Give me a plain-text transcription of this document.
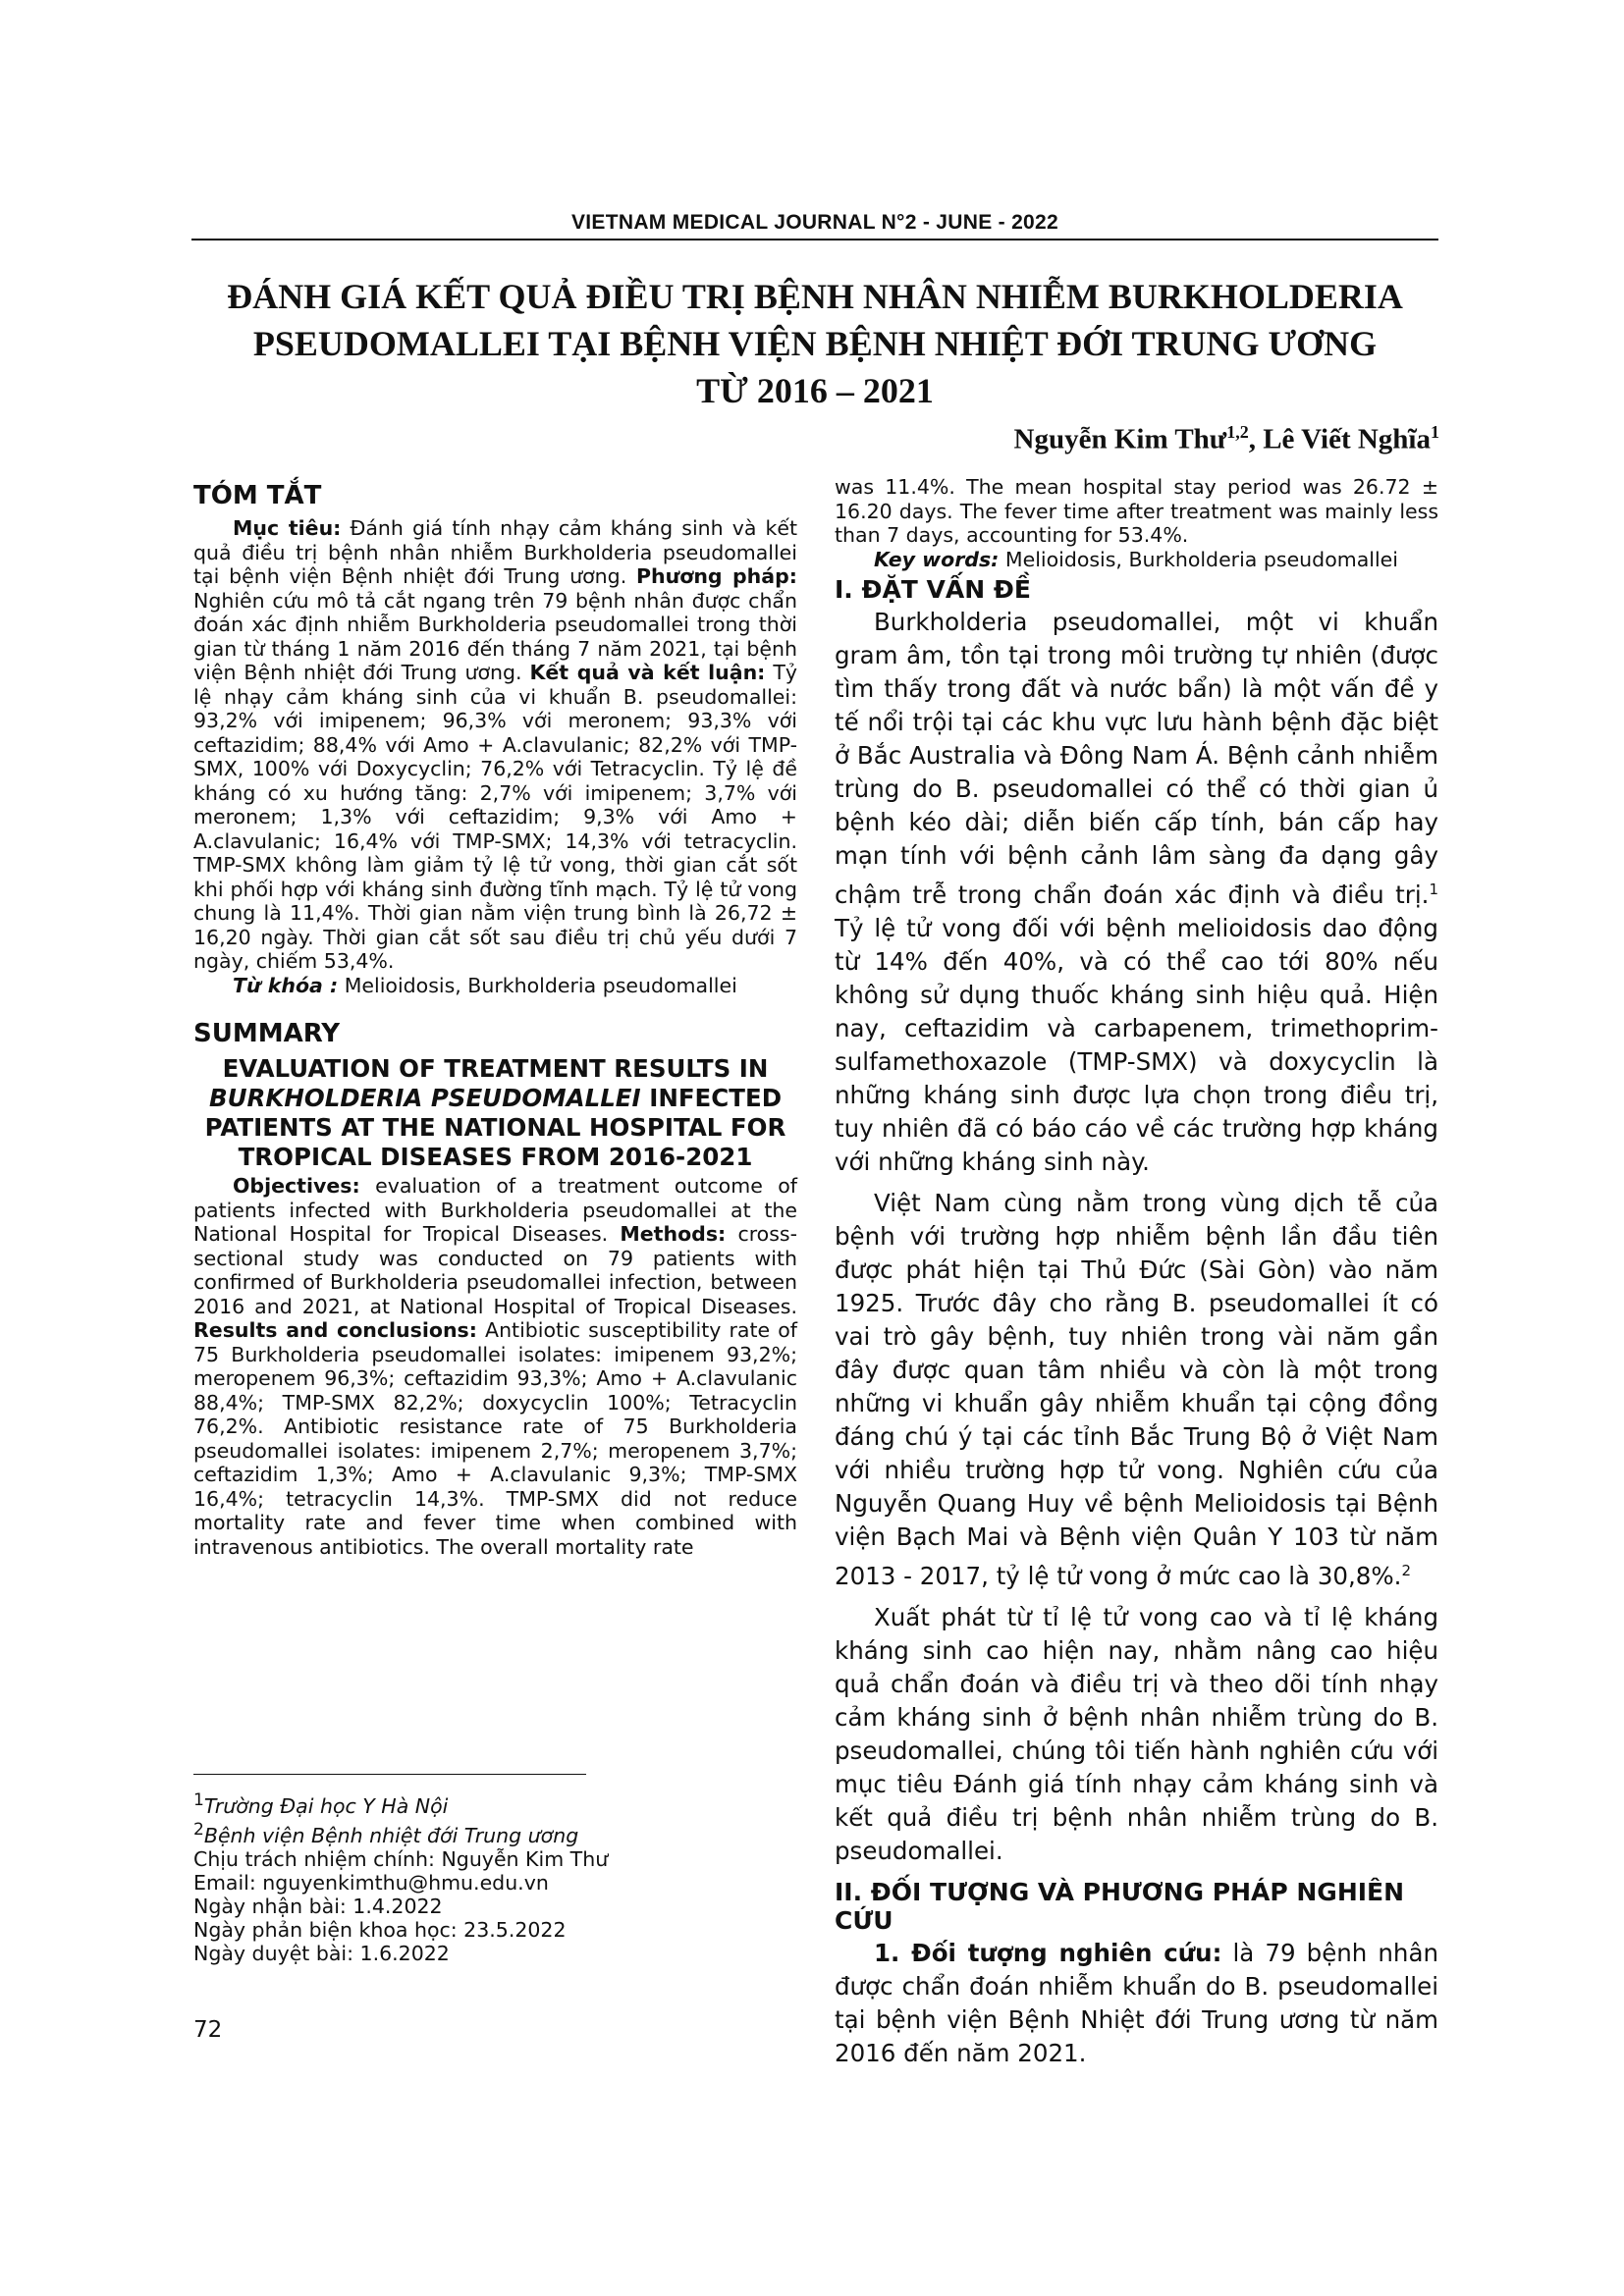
VIETNAM MEDICAL JOURNAL N°2 - JUNE - 2022
ĐÁNH GIÁ KẾT QUẢ ĐIỀU TRỊ BỆNH NHÂN NHIỄM BURKHOLDERIA
PSEUDOMALLEI TẠI BỆNH VIỆN BỆNH NHIỆT ĐỚI TRUNG ƯƠNG
TỪ 2016 – 2021
Nguyễn Kim Thư$^{1,2}$, Lê Viết Nghĩa$^1$
TÓM TẮT

Mục tiêu: Đánh giá tính nhạy cảm kháng sinh và kết quả điều trị bệnh nhân nhiễm Burkholderia pseudomallei tại bệnh viện Bệnh nhiệt đới Trung ương. Phương pháp: Nghiên cứu mô tả cắt ngang trên 79 bệnh nhân được chẩn đoán xác định nhiễm Burkholderia pseudomallei trong thời gian từ tháng 1 năm 2016 đến tháng 7 năm 2021, tại bệnh viện Bệnh nhiệt đới Trung ương. Kết quả và kết luận: Tỷ lệ nhạy cảm kháng sinh của vi khuẩn B. pseudomallei: 93,2% với imipenem; 96,3% với meronem; 93,3% với ceftazidim; 88,4% với Amo + A.clavulanic; 82,2% với TMP-SMX, 100% với Doxycyclin; 76,2% với Tetracyclin. Tỷ lệ đề kháng có xu hướng tăng: 2,7% với imipenem; 3,7% với meronem; 1,3% với ceftazidim; 9,3% với Amo + A.clavulanic; 16,4% với TMP-SMX; 14,3% với tetracyclin. TMP-SMX không làm giảm tỷ lệ tử vong, thời gian cắt sốt khi phối hợp với kháng sinh đường tĩnh mạch. Tỷ lệ tử vong chung là 11,4%. Thời gian nằm viện trung bình là 26,72 ± 16,20 ngày. Thời gian cắt sốt sau điều trị chủ yếu dưới 7 ngày, chiếm 53,4%.

Từ khóa : Melioidosis, Burkholderia pseudomallei

SUMMARY
EVALUATION OF TREATMENT RESULTS IN
BURKHOLDERIA PSEUDOMALLEI INFECTED PATIENTS AT THE NATIONAL HOSPITAL FOR TROPICAL DISEASES FROM 2016-2021

Objectives: evaluation of a treatment outcome of patients infected with Burkholderia pseudomallei at the National Hospital for Tropical Diseases. Methods: cross-sectional study was conducted on 79 patients with confirmed of Burkholderia pseudomallei infection, between 2016 and 2021, at National Hospital of Tropical Diseases. Results and conclusions: Antibiotic susceptibility rate of 75 Burkholderia pseudomallei isolates: imipenem 93,2%; meropenem 96,3%; ceftazidim 93,3%; Amo + A.clavulanic 88,4%; TMP-SMX 82,2%; doxycyclin 100%; Tetracyclin 76,2%. Antibiotic resistance rate of 75 Burkholderia pseudomallei isolates: imipenem 2,7%; meropenem 3,7%; ceftazidim 1,3%; Amo + A.clavulanic 9,3%; TMP-SMX 16,4%; tetracyclin 14,3%. TMP-SMX did not reduce mortality rate and fever time when combined with intravenous antibiotics. The overall mortality rate

$^1$Trường Đại học Y Hà Nội
$^2$Bệnh viện Bệnh nhiệt đới Trung ương
Chịu trách nhiệm chính: Nguyễn Kim Thư
Email: nguyenkimthu@hmu.edu.vn
Ngày nhận bài: 1.4.2022
Ngày phản biện khoa học: 23.5.2022
Ngày duyệt bài: 1.6.2022
72

was 11.4%. The mean hospital stay period was 26.72 ± 16.20 days. The fever time after treatment was mainly less than 7 days, accounting for 53.4%.

Key words: Melioidosis, Burkholderia pseudomallei

I. ĐẶT VẤN ĐỀ

Burkholderia pseudomallei, một vi khuẩn gram âm, tồn tại trong môi trường tự nhiên (được tìm thấy trong đất và nước bẩn) là một vấn đề y tế nổi trội tại các khu vực lưu hành bệnh đặc biệt ở Bắc Australia và Đông Nam Á. Bệnh cảnh nhiễm trùng do B. pseudomallei có thể có thời gian ủ bệnh kéo dài; diễn biến cấp tính, bán cấp hay mạn tính với bệnh cảnh lâm sàng đa dạng gây chậm trễ trong chẩn đoán xác định và điều trị.$^1$ Tỷ lệ tử vong đối với bệnh melioidosis dao động từ 14% đến 40%, và có thể cao tới 80% nếu không sử dụng thuốc kháng sinh hiệu quả. Hiện nay, ceftazidim và carbapenem, trimethoprim-sulfamethoxazole (TMP-SMX) và doxycyclin là những kháng sinh được lựa chọn trong điều trị, tuy nhiên đã có báo cáo về các trường hợp kháng với những kháng sinh này.

Việt Nam cùng nằm trong vùng dịch tễ của bệnh với trường hợp nhiễm bệnh lần đầu tiên được phát hiện tại Thủ Đức (Sài Gòn) vào năm 1925. Trước đây cho rằng B. pseudomallei ít có vai trò gây bệnh, tuy nhiên trong vài năm gần đây được quan tâm nhiều và còn là một trong những vi khuẩn gây nhiễm khuẩn tại cộng đồng đáng chú ý tại các tỉnh Bắc Trung Bộ ở Việt Nam với nhiều trường hợp tử vong. Nghiên cứu của Nguyễn Quang Huy về bệnh Melioidosis tại Bệnh viện Bạch Mai và Bệnh viện Quân Y 103 từ năm 2013 - 2017, tỷ lệ tử vong ở mức cao là 30,8%.$^2$

Xuất phát từ tỉ lệ tử vong cao và tỉ lệ kháng kháng sinh cao hiện nay, nhằm nâng cao hiệu quả chẩn đoán và điều trị và theo dõi tính nhạy cảm kháng sinh ở bệnh nhân nhiễm trùng do B. pseudomallei, chúng tôi tiến hành nghiên cứu với mục tiêu Đánh giá tính nhạy cảm kháng sinh và kết quả điều trị bệnh nhân nhiễm trùng do B. pseudomallei.

II. ĐỐI TƯỢNG VÀ PHƯƠNG PHÁP NGHIÊN CỨU

1. Đối tượng nghiên cứu: là 79 bệnh nhân được chẩn đoán nhiễm khuẩn do B. pseudomallei tại bệnh viện Bệnh Nhiệt đới Trung ương từ năm 2016 đến năm 2021.
